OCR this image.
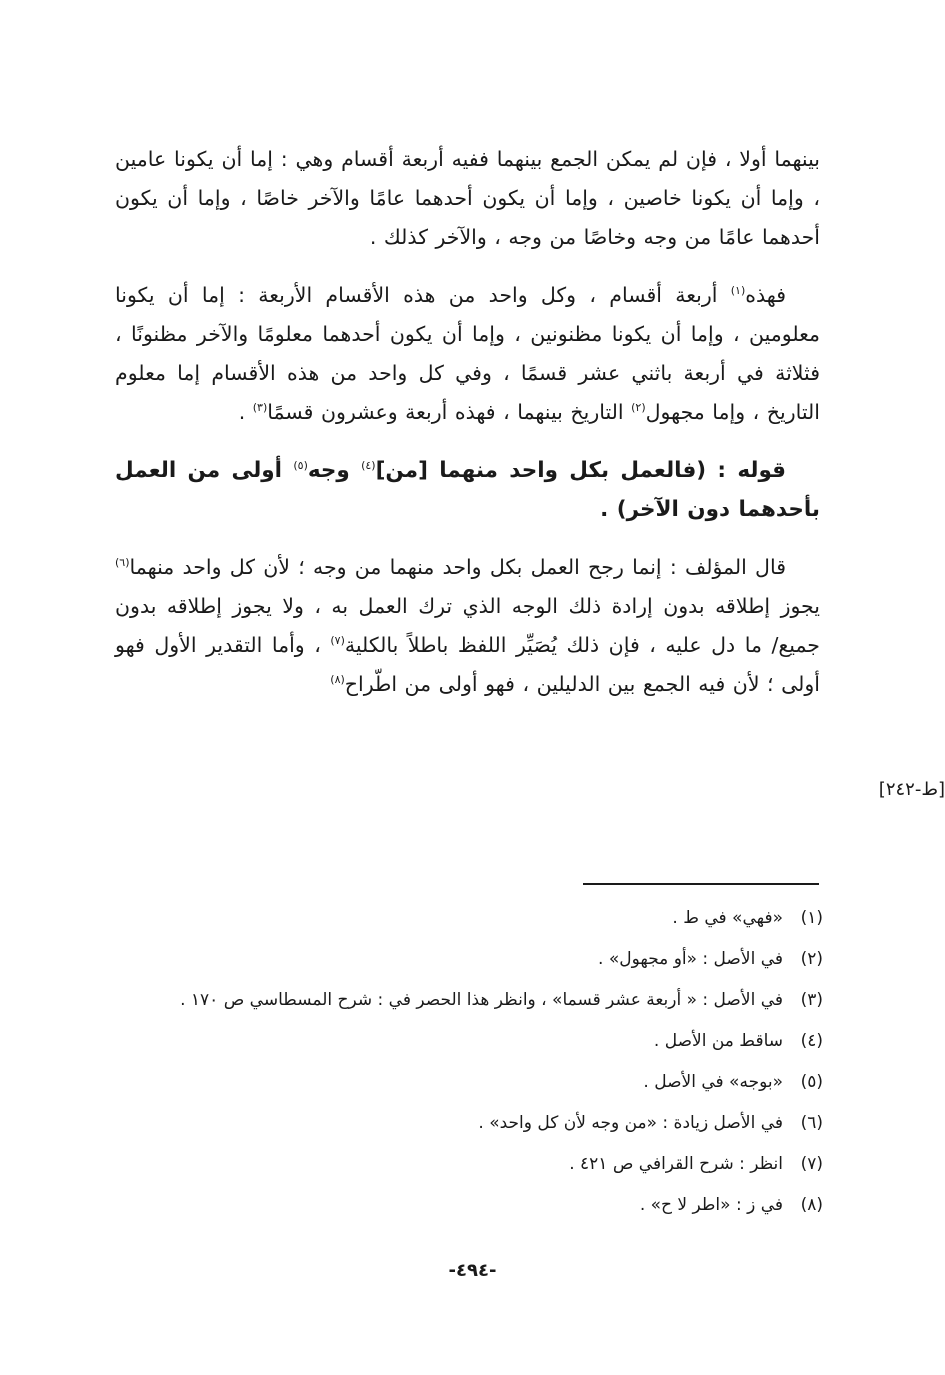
بينهما أولا ، فإن لم يمكن الجمع بينهما ففيه أربعة أقسام وهي : إما أن يكونا عامين ، وإما أن يكونا خاصين ، وإما أن يكون أحدهما عامًا والآخر خاصًا ، وإما أن يكون أحدهما عامًا من وجه وخاصًا من وجه ، والآخر كذلك .

فهذه$^{(١)}$ أربعة أقسام ، وكل واحد من هذه الأقسام الأربعة : إما أن يكونا معلومين ، وإما أن يكونا مظنونين ، وإما أن يكون أحدهما معلومًا والآخر مظنونًا ، فثلاثة في أربعة باثني عشر قسمًا ، وفي كل واحد من هذه الأقسام إما معلوم التاريخ ، وإما مجهول$^{(٢)}$ التاريخ بينهما ، فهذه أربعة وعشرون قسمًا$^{(٣)}$ .

قوله : (فالعمل بكل واحد منهما [من]$^{(٤)}$ وجه$^{(٥)}$ أولى من العمل بأحدهما دون الآخر) .

قال المؤلف : إنما رجح العمل بكل واحد منهما من وجه ؛ لأن كل واحد منهما$^{(٦)}$ يجوز إطلاقه بدون إرادة ذلك الوجه الذي ترك العمل به ، ولا يجوز إطلاقه بدون جميع/ ما دل عليه ، فإن ذلك يُصَيِّر اللفظ باطلاً بالكلية$^{(٧)}$ ، وأما التقدير الأول فهو أولى ؛ لأن فيه الجمع بين الدليلين ، فهو أولى من اطّراح$^{(٨)}$

[ط-٢٤٢]
(١)«فهي» في ط .
(٢)في الأصل : «أو مجهول» .
(٣)في الأصل : « أربعة عشر قسما» ، وانظر هذا الحصر في : شرح المسطاسي ص ١٧٠ .
(٤)ساقط من الأصل .
(٥)«بوجه» في الأصل .
(٦)في الأصل زيادة : «من وجه لأن كل واحد» .
(٧)انظر : شرح القرافي ص ٤٢١ .
(٨)في ز : «اطر لا ح» .
-٤٩٤-
